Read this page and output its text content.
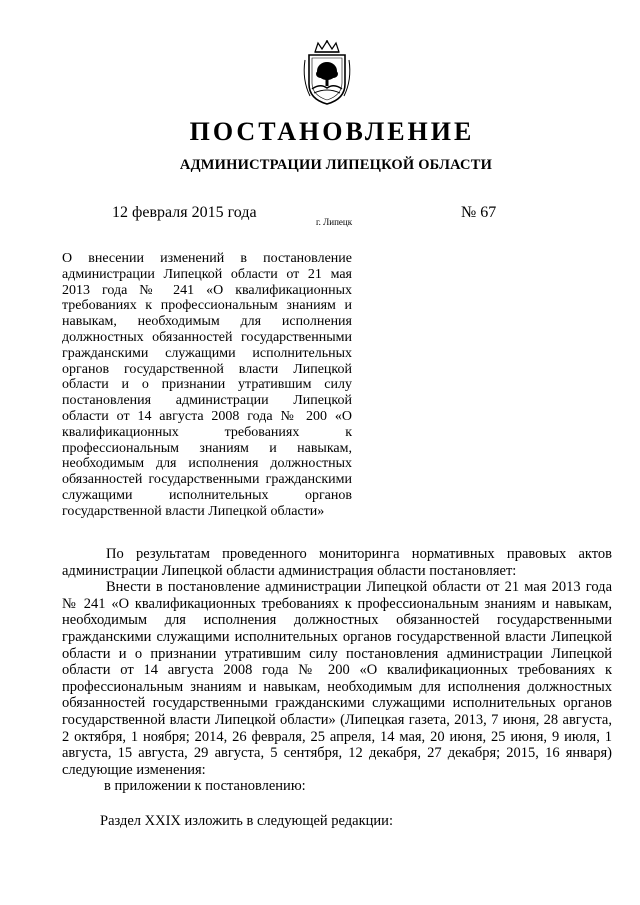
ПОСТАНОВЛЕНИЕ
АДМИНИСТРАЦИИ ЛИПЕЦКОЙ ОБЛАСТИ
12 февраля 2015 года
г. Липецк
№ 67

О внесении изменений в постановление администрации Липецкой области от 21 мая 2013 года № 241 «О квалификационных требованиях к профессиональным знаниям и навыкам, необходимым для исполнения должностных обязанностей государственными гражданскими служащими исполнительных органов государственной власти Липецкой области и о признании утратившим силу постановления администрации Липецкой области от 14 августа 2008 года № 200 «О квалификационных требованиях к профессиональным знаниям и навыкам, необходимым для исполнения должностных обязанностей государственными гражданскими служащими исполнительных органов государственной власти Липецкой области»

По результатам проведенного мониторинга нормативных правовых актов администрации Липецкой области администрация области постановляет:

Внести в постановление администрации Липецкой области от 21 мая 2013 года № 241 «О квалификационных требованиях к профессиональным знаниям и навыкам, необходимым для исполнения должностных обязанностей государственными гражданскими служащими исполнительных органов государственной власти Липецкой области и о признании утратившим силу постановления администрации Липецкой области от 14 августа 2008 года № 200 «О квалификационных требованиях к профессиональным знаниям и навыкам, необходимым для исполнения должностных обязанностей государственными гражданскими служащими исполнительных органов государственной власти Липецкой области» (Липецкая газета, 2013, 7 июня, 28 августа, 2 октября, 1 ноября; 2014, 26 февраля, 25 апреля, 14 мая, 20 июня, 25 июня, 9 июля, 1 августа, 15 августа, 29 августа, 5 сентября, 12 декабря, 27 декабря; 2015, 16 января) следующие изменения:

в приложении к постановлению:

Раздел XXIX изложить в следующей редакции:
